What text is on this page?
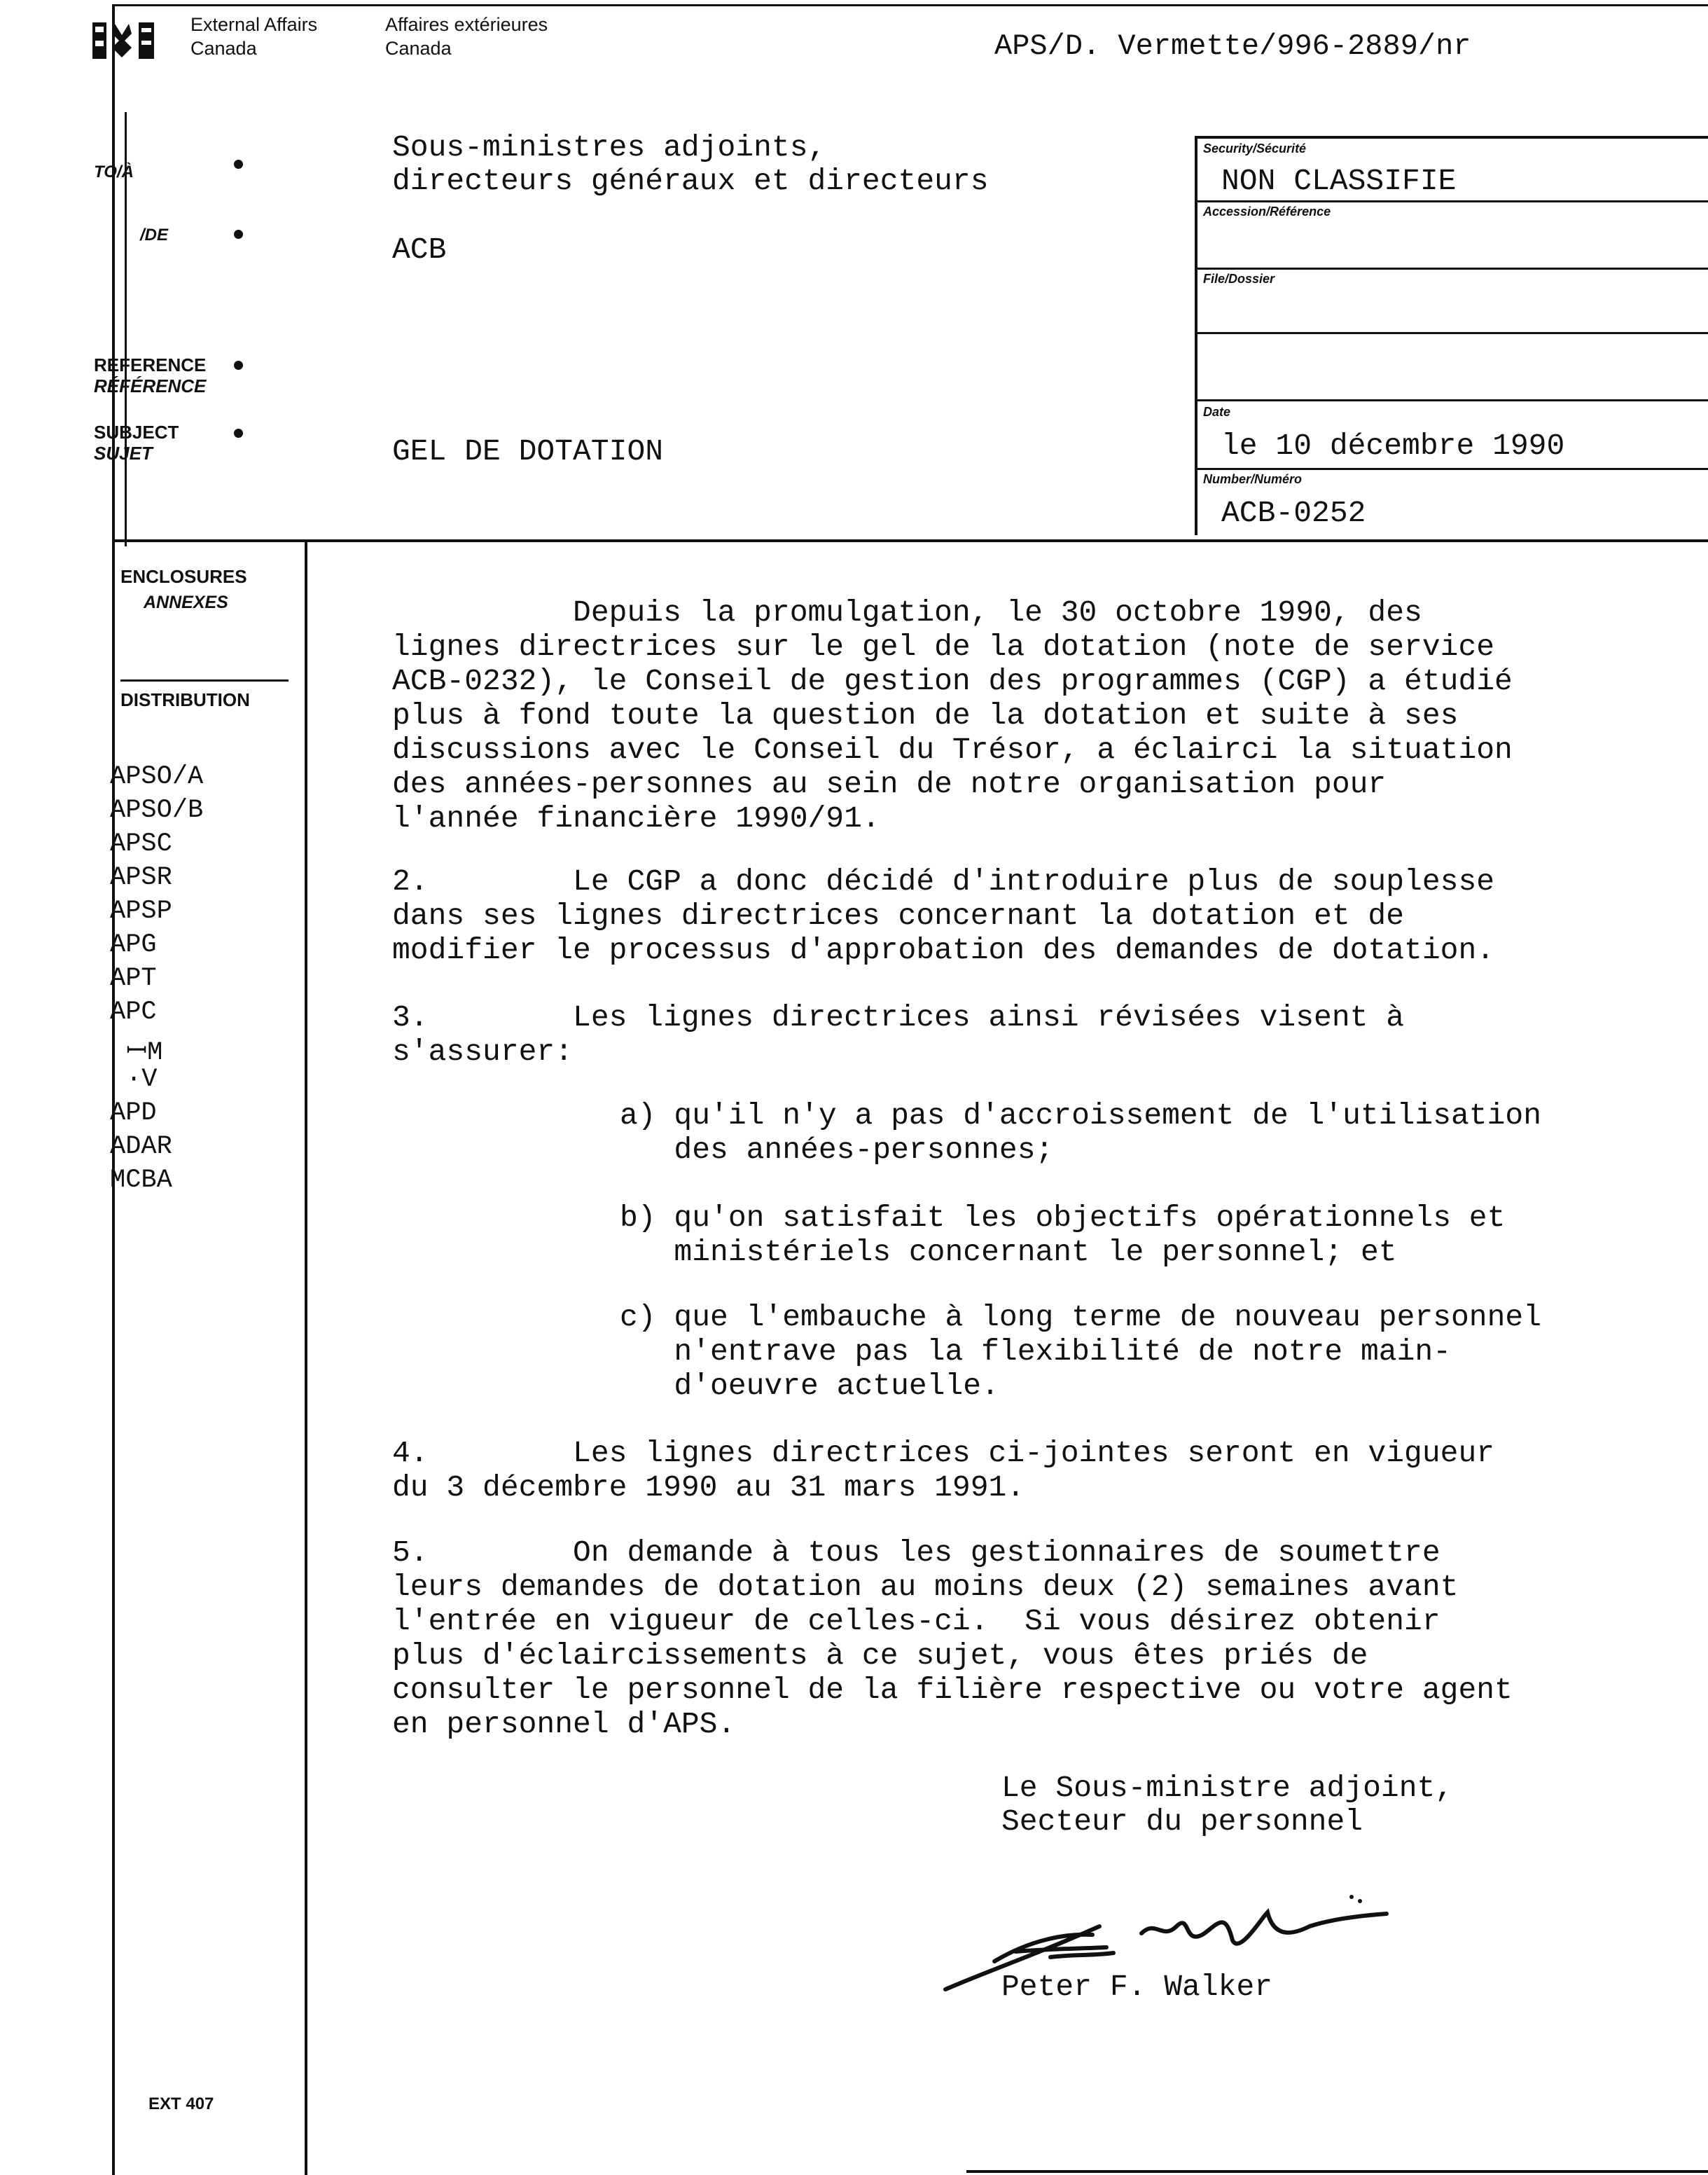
External Affairs
Canada
Affaires extérieures
Canada	APS/D. Vermette/996-2889/nr
TO/À
Sous-ministres adjoints,
directeurs généraux et directeurs
/DE	ACB
REFERENCE
RÉFÉRENCE
SUBJECT
SUJET	GEL DE DOTATION
Security/Sécurité
NON CLASSIFIE
Accession/Référence
File/Dossier
Date
le 10 décembre 1990
Number/Numéro
ACB-0252
ENCLOSURES
ANNEXES
DISTRIBUTION
APSO/A
APSO/B
APSC
APSR
APSP
APG
APT
APC
ꟷM
·V
APD
ADAR
MCBA
EXT 407
Depuis la promulgation, le 30 octobre 1990, des
lignes directrices sur le gel de la dotation (note de service
ACB-0232), le Conseil de gestion des programmes (CGP) a étudié
plus à fond toute la question de la dotation et suite à ses
discussions avec le Conseil du Trésor, a éclairci la situation
des années-personnes au sein de notre organisation pour
l'année financière 1990/91.
2.        Le CGP a donc décidé d'introduire plus de souplesse
dans ses lignes directrices concernant la dotation et de
modifier le processus d'approbation des demandes de dotation.
3.        Les lignes directrices ainsi révisées visent à
s'assurer:
a) qu'il n'y a pas d'accroissement de l'utilisation
des années-personnes;
b) qu'on satisfait les objectifs opérationnels et
ministériels concernant le personnel; et
c) que l'embauche à long terme de nouveau personnel
n'entrave pas la flexibilité de notre main-
d'oeuvre actuelle.
4.        Les lignes directrices ci-jointes seront en vigueur
du 3 décembre 1990 au 31 mars 1991.
5.        On demande à tous les gestionnaires de soumettre
leurs demandes de dotation au moins deux (2) semaines avant
l'entrée en vigueur de celles-ci.  Si vous désirez obtenir
plus d'éclaircissements à ce sujet, vous êtes priés de
consulter le personnel de la filière respective ou votre agent
en personnel d'APS.
Le Sous-ministre adjoint,
Secteur du personnel
Peter F. Walker
